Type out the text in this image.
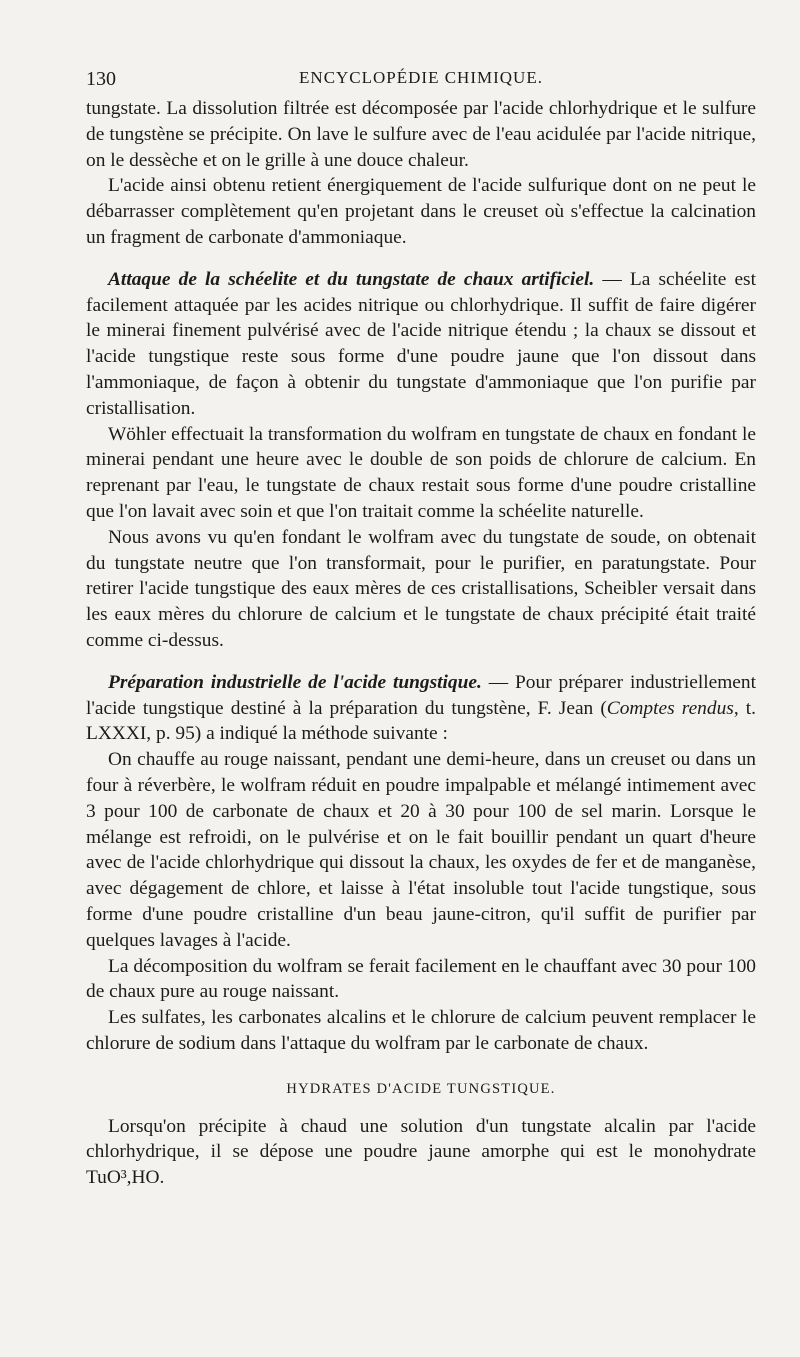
130	ENCYCLOPÉDIE CHIMIQUE.

tungstate. La dissolution filtrée est décomposée par l'acide chlorhydrique et le sulfure de tungstène se précipite. On lave le sulfure avec de l'eau acidulée par l'acide nitrique, on le dessèche et on le grille à une douce chaleur.

L'acide ainsi obtenu retient énergiquement de l'acide sulfurique dont on ne peut le débarrasser complètement qu'en projetant dans le creuset où s'effectue la calcination un fragment de carbonate d'ammoniaque.

Attaque de la schéelite et du tungstate de chaux artificiel. — La schéelite est facilement attaquée par les acides nitrique ou chlorhydrique. Il suffit de faire digérer le minerai finement pulvérisé avec de l'acide nitrique étendu ; la chaux se dissout et l'acide tungstique reste sous forme d'une poudre jaune que l'on dissout dans l'ammoniaque, de façon à obtenir du tungstate d'ammoniaque que l'on purifie par cristallisation.

Wöhler effectuait la transformation du wolfram en tungstate de chaux en fondant le minerai pendant une heure avec le double de son poids de chlorure de calcium. En reprenant par l'eau, le tungstate de chaux restait sous forme d'une poudre cristalline que l'on lavait avec soin et que l'on traitait comme la schéelite naturelle.

Nous avons vu qu'en fondant le wolfram avec du tungstate de soude, on obtenait du tungstate neutre que l'on transformait, pour le purifier, en paratungstate. Pour retirer l'acide tungstique des eaux mères de ces cristallisations, Scheibler versait dans les eaux mères du chlorure de calcium et le tungstate de chaux précipité était traité comme ci-dessus.

Préparation industrielle de l'acide tungstique. — Pour préparer industriellement l'acide tungstique destiné à la préparation du tungstène, F. Jean (Comptes rendus, t. LXXXI, p. 95) a indiqué la méthode suivante :

On chauffe au rouge naissant, pendant une demi-heure, dans un creuset ou dans un four à réverbère, le wolfram réduit en poudre impalpable et mélangé intimement avec 3 pour 100 de carbonate de chaux et 20 à 30 pour 100 de sel marin. Lorsque le mélange est refroidi, on le pulvérise et on le fait bouillir pendant un quart d'heure avec de l'acide chlorhydrique qui dissout la chaux, les oxydes de fer et de manganèse, avec dégagement de chlore, et laisse à l'état insoluble tout l'acide tungstique, sous forme d'une poudre cristalline d'un beau jaune-citron, qu'il suffit de purifier par quelques lavages à l'acide.

La décomposition du wolfram se ferait facilement en le chauffant avec 30 pour 100 de chaux pure au rouge naissant.

Les sulfates, les carbonates alcalins et le chlorure de calcium peuvent remplacer le chlorure de sodium dans l'attaque du wolfram par le carbonate de chaux.

HYDRATES D'ACIDE TUNGSTIQUE.

Lorsqu'on précipite à chaud une solution d'un tungstate alcalin par l'acide chlorhydrique, il se dépose une poudre jaune amorphe qui est le monohydrate TuO³,HO.
